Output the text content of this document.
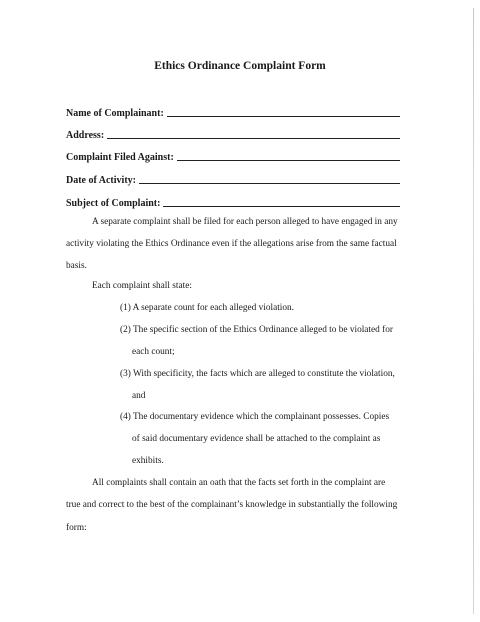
Ethics Ordinance Complaint Form
Name of Complainant:
Address:
Complaint Filed Against:
Date of Activity:
Subject of Complaint:
A separate complaint shall be filed for each person alleged to have engaged in any
activity violating the Ethics Ordinance even if the allegations arise from the same factual
basis.
Each complaint shall state:
(1) A separate count for each alleged violation.
(2) The specific section of the Ethics Ordinance alleged to be violated for
each count;
(3) With specificity, the facts which are alleged to constitute the violation,
and
(4) The documentary evidence which the complainant possesses. Copies
of said documentary evidence shall be attached to the complaint as
exhibits.
All complaints shall contain an oath that the facts set forth in the complaint are
true and correct to the best of the complainant’s knowledge in substantially the following
form:
